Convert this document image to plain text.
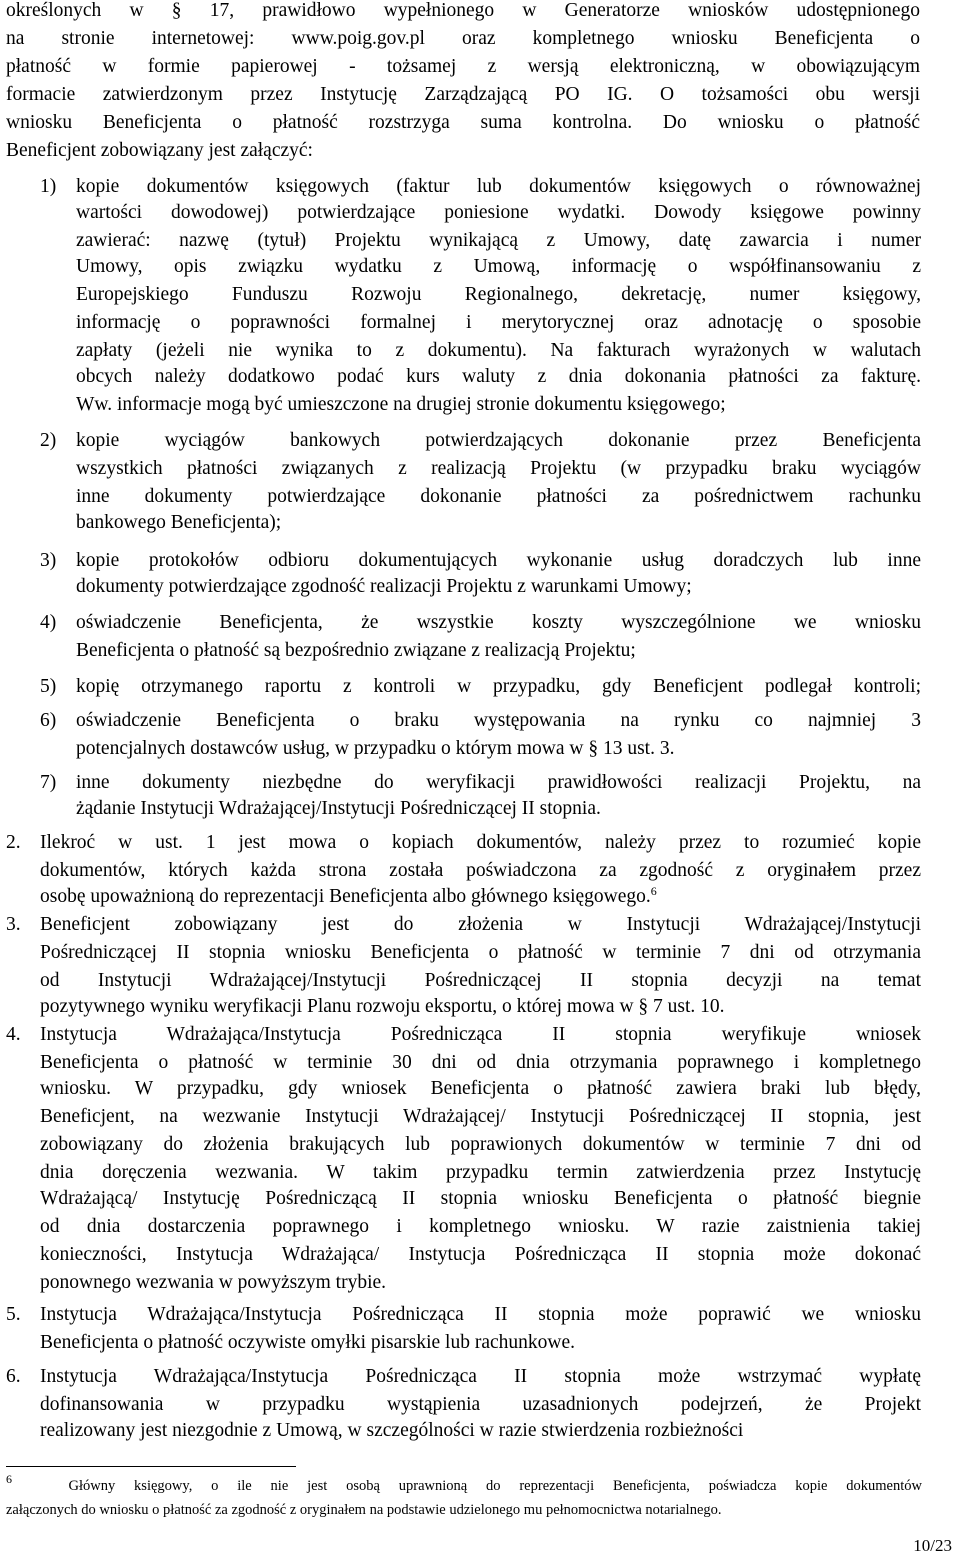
określonych w § 17, prawidłowo wypełnionego w Generatorze wniosków udostępnionego
na stronie internetowej: www.poig.gov.pl oraz kompletnego wniosku Beneficjenta o
płatność w formie papierowej - tożsamej z wersją elektroniczną, w obowiązującym
formacie zatwierdzonym przez Instytucję Zarządzającą PO IG. O tożsamości obu wersji
wniosku Beneficjenta o płatność rozstrzyga suma kontrolna. Do wniosku o płatność
Beneficjent zobowiązany jest załączyć:
1) kopie dokumentów księgowych (faktur lub dokumentów księgowych o równoważnej
wartości dowodowej) potwierdzające poniesione wydatki. Dowody księgowe powinny
zawierać: nazwę (tytuł) Projektu wynikającą z Umowy, datę zawarcia i numer
Umowy, opis związku wydatku z Umową, informację o współfinansowaniu z
Europejskiego Funduszu Rozwoju Regionalnego, dekretację, numer księgowy,
informację o poprawności formalnej i merytorycznej oraz adnotację o sposobie
zapłaty (jeżeli nie wynika to z dokumentu). Na fakturach wyrażonych w walutach
obcych należy dodatkowo podać kurs waluty z dnia dokonania płatności za fakturę.
Ww. informacje mogą być umieszczone na drugiej stronie dokumentu księgowego;
2) kopie wyciągów bankowych potwierdzających dokonanie przez Beneficjenta
wszystkich płatności związanych z realizacją Projektu (w przypadku braku wyciągów
inne dokumenty potwierdzające dokonanie płatności za pośrednictwem rachunku
bankowego Beneficjenta);
3) kopie protokołów odbioru dokumentujących wykonanie usług doradczych lub inne
dokumenty potwierdzające zgodność realizacji Projektu z warunkami Umowy;
4) oświadczenie Beneficjenta, że wszystkie koszty wyszczególnione we wniosku
Beneficjenta o płatność są bezpośrednio związane z realizacją Projektu;
5) kopię otrzymanego raportu z kontroli w przypadku, gdy Beneficjent podlegał kontroli;
6) oświadczenie Beneficjenta o braku występowania na rynku co najmniej 3
potencjalnych dostawców usług, w przypadku o którym mowa w § 13 ust. 3.
7) inne dokumenty niezbędne do weryfikacji prawidłowości realizacji Projektu, na
żądanie Instytucji Wdrażającej/Instytucji Pośredniczącej II stopnia.
2. Ilekroć w ust. 1 jest mowa o kopiach dokumentów, należy przez to rozumieć kopie
dokumentów, których każda strona została poświadczona za zgodność z oryginałem przez
osobę upoważnioną do reprezentacji Beneficjenta albo głównego księgowego.$^6$
3. Beneficjent zobowiązany jest do złożenia w Instytucji Wdrażającej/Instytucji
Pośredniczącej II stopnia wniosku Beneficjenta o płatność w terminie 7 dni od otrzymania
od Instytucji Wdrażającej/Instytucji Pośredniczącej II stopnia decyzji na temat
pozytywnego wyniku weryfikacji Planu rozwoju eksportu, o której mowa w § 7 ust. 10.
4. Instytucja Wdrażająca/Instytucja Pośrednicząca II stopnia weryfikuje wniosek
Beneficjenta o płatność w terminie 30 dni od dnia otrzymania poprawnego i kompletnego
wniosku. W przypadku, gdy wniosek Beneficjenta o płatność zawiera braki lub błędy,
Beneficjent, na wezwanie Instytucji Wdrażającej/ Instytucji Pośredniczącej II stopnia, jest
zobowiązany do złożenia brakujących lub poprawionych dokumentów w terminie 7 dni od
dnia doręczenia wezwania. W takim przypadku termin zatwierdzenia przez Instytucję
Wdrażającą/ Instytucję Pośredniczącą II stopnia wniosku Beneficjenta o płatność biegnie
od dnia dostarczenia poprawnego i kompletnego wniosku. W razie zaistnienia takiej
konieczności, Instytucja Wdrażająca/ Instytucja Pośrednicząca II stopnia może dokonać
ponownego wezwania w powyższym trybie.
5. Instytucja Wdrażająca/Instytucja Pośrednicząca II stopnia może poprawić we wniosku
Beneficjenta o płatność oczywiste omyłki pisarskie lub rachunkowe.
6. Instytucja Wdrażająca/Instytucja Pośrednicząca II stopnia może wstrzymać wypłatę
dofinansowania w przypadku wystąpienia uzasadnionych podejrzeń, że Projekt
realizowany jest niezgodnie z Umową, w szczególności w razie stwierdzenia rozbieżności
$^6$	Główny księgowy, o ile nie jest osobą uprawnioną do reprezentacji Beneficjenta, poświadcza kopie dokumentów
załączonych do wniosku o płatność za zgodność z oryginałem na podstawie udzielonego mu pełnomocnictwa notarialnego.
10/23
